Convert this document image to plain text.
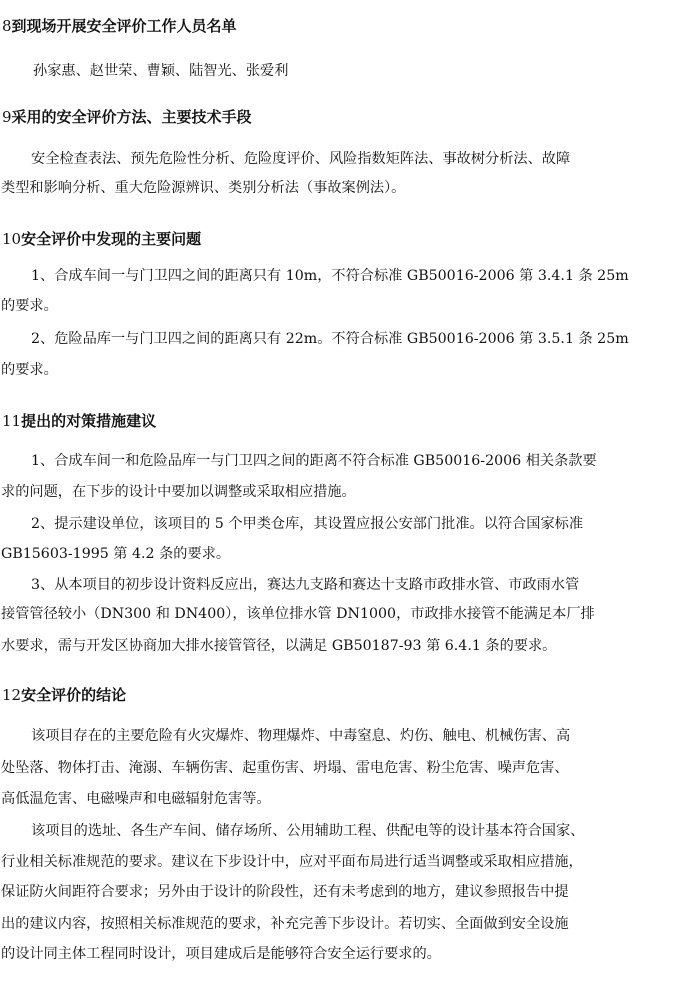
8到现场开展安全评价工作人员名单
孙家惠、赵世荣、曹颖、陆智光、张爱利
9采用的安全评价方法、主要技术手段
安全检查表法、预先危险性分析、危险度评价、风险指数矩阵法、事故树分析法、故障
类型和影响分析、重大危险源辨识、类别分析法（事故案例法）。
10安全评价中发现的主要问题
1、合成车间一与门卫四之间的距离只有 10m，不符合标准 GB50016-2006 第 3.4.1 条 25m
的要求。
2、危险品库一与门卫四之间的距离只有 22m。不符合标准 GB50016-2006 第 3.5.1 条 25m
的要求。
11提出的对策措施建议
1、合成车间一和危险品库一与门卫四之间的距离不符合标准 GB50016-2006 相关条款要
求的问题，在下步的设计中要加以调整或采取相应措施。
2、提示建设单位，该项目的 5 个甲类仓库，其设置应报公安部门批准。以符合国家标准
GB15603-1995 第 4.2 条的要求。
3、从本项目的初步设计资料反应出，赛达九支路和赛达十支路市政排水管、市政雨水管
接管管径较小（DN300 和 DN400），该单位排水管 DN1000，市政排水接管不能满足本厂排
水要求，需与开发区协商加大排水接管管径，以满足 GB50187-93 第 6.4.1 条的要求。
12安全评价的结论
该项目存在的主要危险有火灾爆炸、物理爆炸、中毒窒息、灼伤、触电、机械伤害、高
处坠落、物体打击、淹溺、车辆伤害、起重伤害、坍塌、雷电危害、粉尘危害、噪声危害、
高低温危害、电磁噪声和电磁辐射危害等。
该项目的选址、各生产车间、储存场所、公用辅助工程、供配电等的设计基本符合国家、
行业相关标准规范的要求。建议在下步设计中，应对平面布局进行适当调整或采取相应措施，
保证防火间距符合要求；另外由于设计的阶段性，还有未考虑到的地方，建议参照报告中提
出的建议内容，按照相关标准规范的要求，补充完善下步设计。若切实、全面做到安全设施
的设计同主体工程同时设计，项目建成后是能够符合安全运行要求的。
